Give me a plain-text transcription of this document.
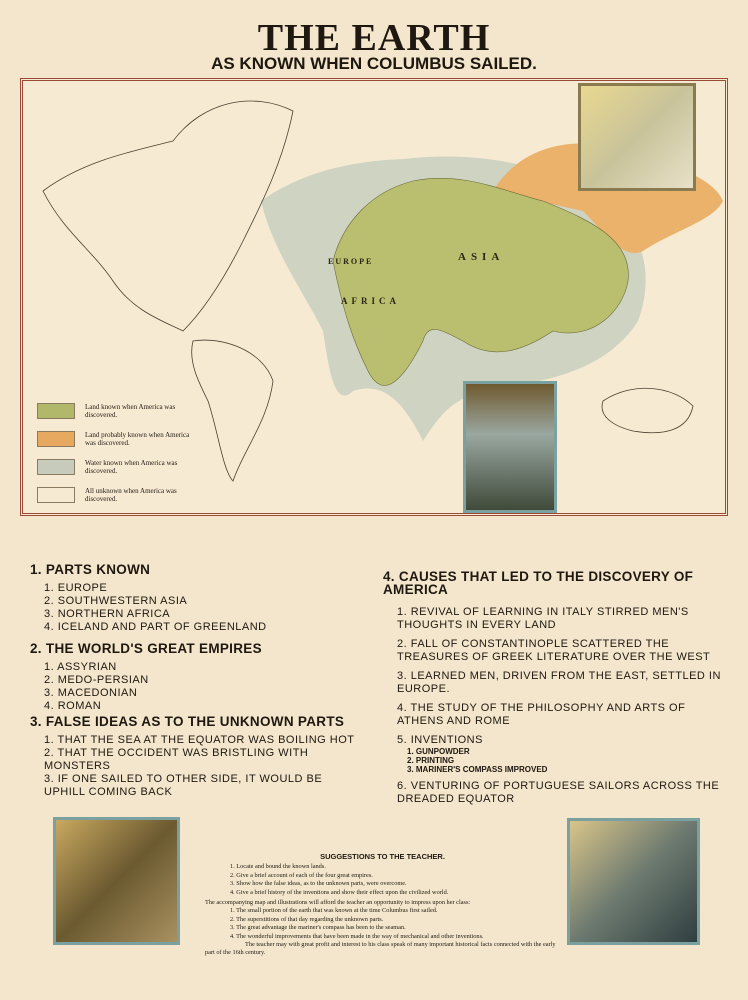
THE EARTH
AS KNOWN WHEN COLUMBUS SAILED.
EUROPE	ASIA
AFRICA
Land known when America was discovered.
Land probably known when America was discovered.
Water known when America was discovered.
All unknown when America was discovered.
1. PARTS KNOWN
1. EUROPE
2. SOUTHWESTERN ASIA
3. NORTHERN AFRICA
4. ICELAND AND PART OF GREENLAND
2. THE WORLD'S GREAT EMPIRES
1. ASSYRIAN
2. MEDO-PERSIAN
3. MACEDONIAN
4. ROMAN
3. FALSE IDEAS AS TO THE UNKNOWN PARTS
1. THAT THE SEA AT THE EQUATOR WAS BOILING HOT
2. THAT THE OCCIDENT WAS BRISTLING WITH MONSTERS
3. IF ONE SAILED TO OTHER SIDE, IT WOULD BE UPHILL COMING BACK
4. CAUSES THAT LED TO THE DISCOVERY OF AMERICA
1. REVIVAL OF LEARNING IN ITALY STIRRED MEN'S THOUGHTS IN EVERY LAND
2. FALL OF CONSTANTINOPLE SCATTERED THE TREASURES OF GREEK LITERATURE OVER THE WEST
3. LEARNED MEN, DRIVEN FROM THE EAST, SETTLED IN EUROPE.
4. THE STUDY OF THE PHILOSOPHY AND ARTS OF ATHENS AND ROME
5. INVENTIONS
1. GUNPOWDER
2. PRINTING
3. MARINER'S COMPASS IMPROVED
6. VENTURING OF PORTUGUESE SAILORS ACROSS THE DREADED EQUATOR
SUGGESTIONS TO THE TEACHER.
1. Locate and bound the known lands.
2. Give a brief account of each of the four great empires.
3. Show how the false ideas, as to the unknown parts, were overcome.
4. Give a brief history of the inventions and show their effect upon the civilized world.
The accompanying map and illustrations will afford the teacher an opportunity to impress upon her class:
1. The small portion of the earth that was known at the time Columbus first sailed.
2. The superstitions of that day regarding the unknown parts.
3. The great advantage the mariner's compass has been to the seaman.
4. The wonderful improvements that have been made in the way of mechanical and other inventions.
The teacher may with great profit and interest to his class speak of many important historical facts connected with the early part of the 16th century.
